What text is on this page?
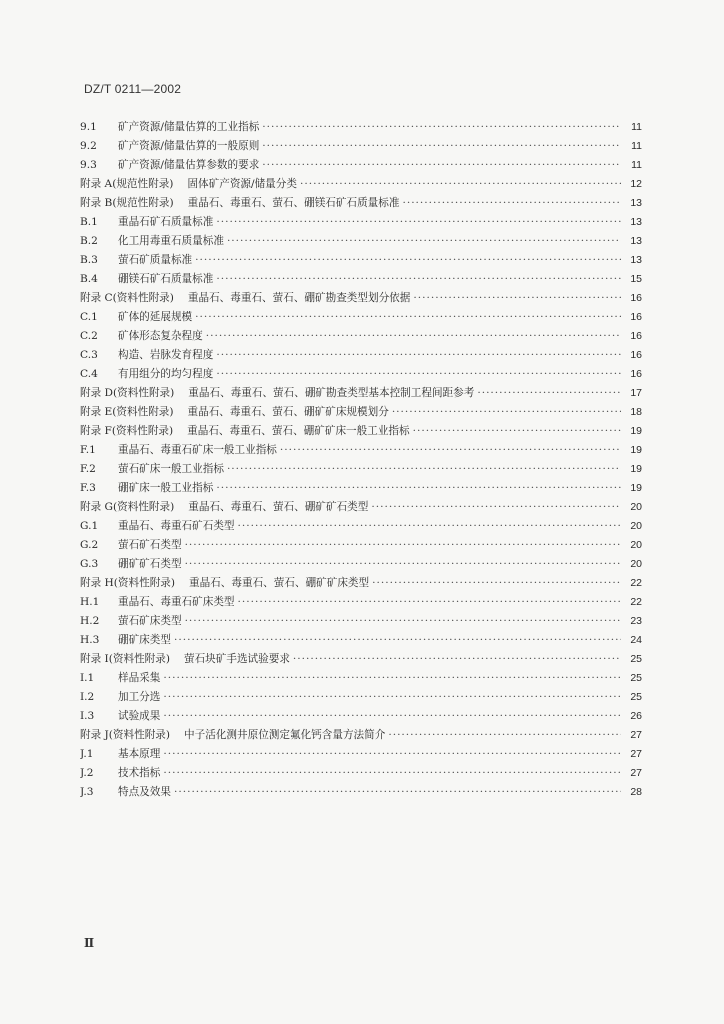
DZ/T 0211—2002
9.1	矿产资源/储量估算的工业指标 ·····	11
9.2	矿产资源/储量估算的一般原则 ·····	11
9.3	矿产资源/储量估算参数的要求 ·····	11
附录 A(规范性附录) 固体矿产资源/储量分类 ·····	12
附录 B(规范性附录) 重晶石、毒重石、萤石、硼镁石矿石质量标准 ·····	13
B.1	重晶石矿石质量标准 ·····	13
B.2	化工用毒重石质量标准 ·····	13
B.3	萤石矿质量标准 ·····	13
B.4	硼镁石矿石质量标准 ·····	15
附录 C(资料性附录) 重晶石、毒重石、萤石、硼矿勘查类型划分依据 ·····	16
C.1	矿体的延展规模 ·····	16
C.2	矿体形态复杂程度 ·····	16
C.3	构造、岩脉发育程度 ·····	16
C.4	有用组分的均匀程度 ·····	16
附录 D(资料性附录) 重晶石、毒重石、萤石、硼矿勘查类型基本控制工程间距参考 ·····	17
附录 E(资料性附录) 重晶石、毒重石、萤石、硼矿矿床规模划分 ·····	18
附录 F(资料性附录) 重晶石、毒重石、萤石、硼矿矿床一般工业指标 ·····	19
F.1	重晶石、毒重石矿床一般工业指标 ·····	19
F.2	萤石矿床一般工业指标 ·····	19
F.3	硼矿床一般工业指标 ·····	19
附录 G(资料性附录) 重晶石、毒重石、萤石、硼矿矿石类型 ·····	20
G.1	重晶石、毒重石矿石类型 ·····	20
G.2	萤石矿石类型 ·····	20
G.3	硼矿矿石类型 ·····	20
附录 H(资料性附录) 重晶石、毒重石、萤石、硼矿矿床类型 ·····	22
H.1	重晶石、毒重石矿床类型 ·····	22
H.2	萤石矿床类型 ·····	23
H.3	硼矿床类型 ·····	24
附录 I(资料性附录) 萤石块矿手选试验要求 ·····	25
I.1	样品采集 ·····	25
I.2	加工分选 ·····	25
I.3	试验成果 ·····	26
附录 J(资料性附录) 中子活化测井原位测定氟化钙含量方法简介 ·····	27
J.1	基本原理 ·····	27
J.2	技术指标 ·····	27
J.3	特点及效果 ·····	28
Ⅱ
